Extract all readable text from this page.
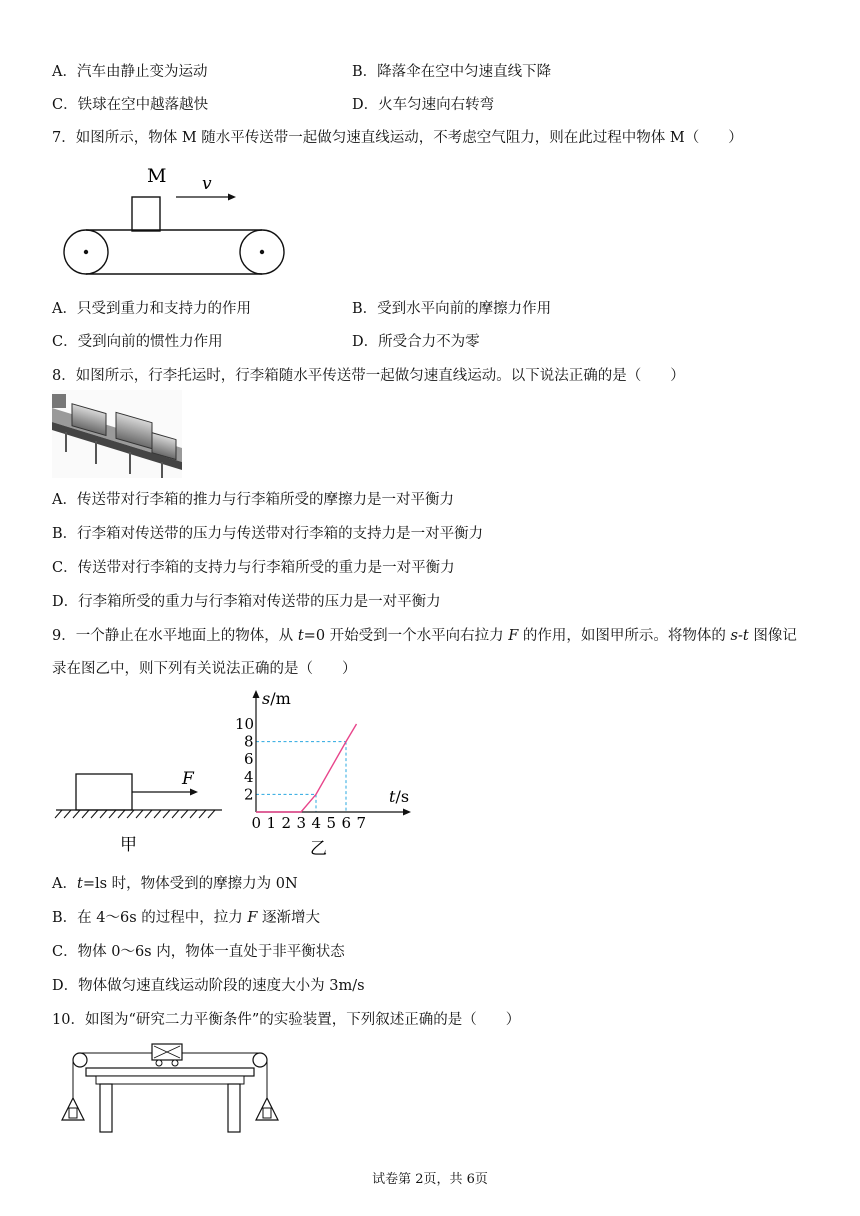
A．汽车由静止变为运动	B．降落伞在空中匀速直线下降
C．铁球在空中越落越快	D．火车匀速向右转弯
7．如图所示，物体 M 随水平传送带一起做匀速直线运动，不考虑空气阻力，则在此过程中物体 M（　　）
M v
A．只受到重力和支持力的作用	B．受到水平向前的摩擦力作用
C．受到向前的惯性力作用	D．所受合力不为零
8．如图所示，行李托运时，行李箱随水平传送带一起做匀速直线运动。以下说法正确的是（　　）
A．传送带对行李箱的推力与行李箱所受的摩擦力是一对平衡力
B．行李箱对传送带的压力与传送带对行李箱的支持力是一对平衡力
C．传送带对行李箱的支持力与行李箱所受的重力是一对平衡力
D．行李箱所受的重力与行李箱对传送带的压力是一对平衡力
9．一个静止在水平地面上的物体，从 t=0 开始受到一个水平向右拉力 F 的作用，如图甲所示。将物体的 s-t 图像记
录在图乙中，则下列有关说法正确的是（　　）
F
甲
0 1 2 3 4 5 6 7
2
4
6
8
10
s/m
t/s
乙
A．t=ls 时，物体受到的摩擦力为 0N
B．在 4～6s 的过程中，拉力 F 逐渐增大
C．物体 0～6s 内，物体一直处于非平衡状态
D．物体做匀速直线运动阶段的速度大小为 3m/s
10．如图为“研究二力平衡条件”的实验装置，下列叙述正确的是（　　）
试卷第 2页，共 6页
